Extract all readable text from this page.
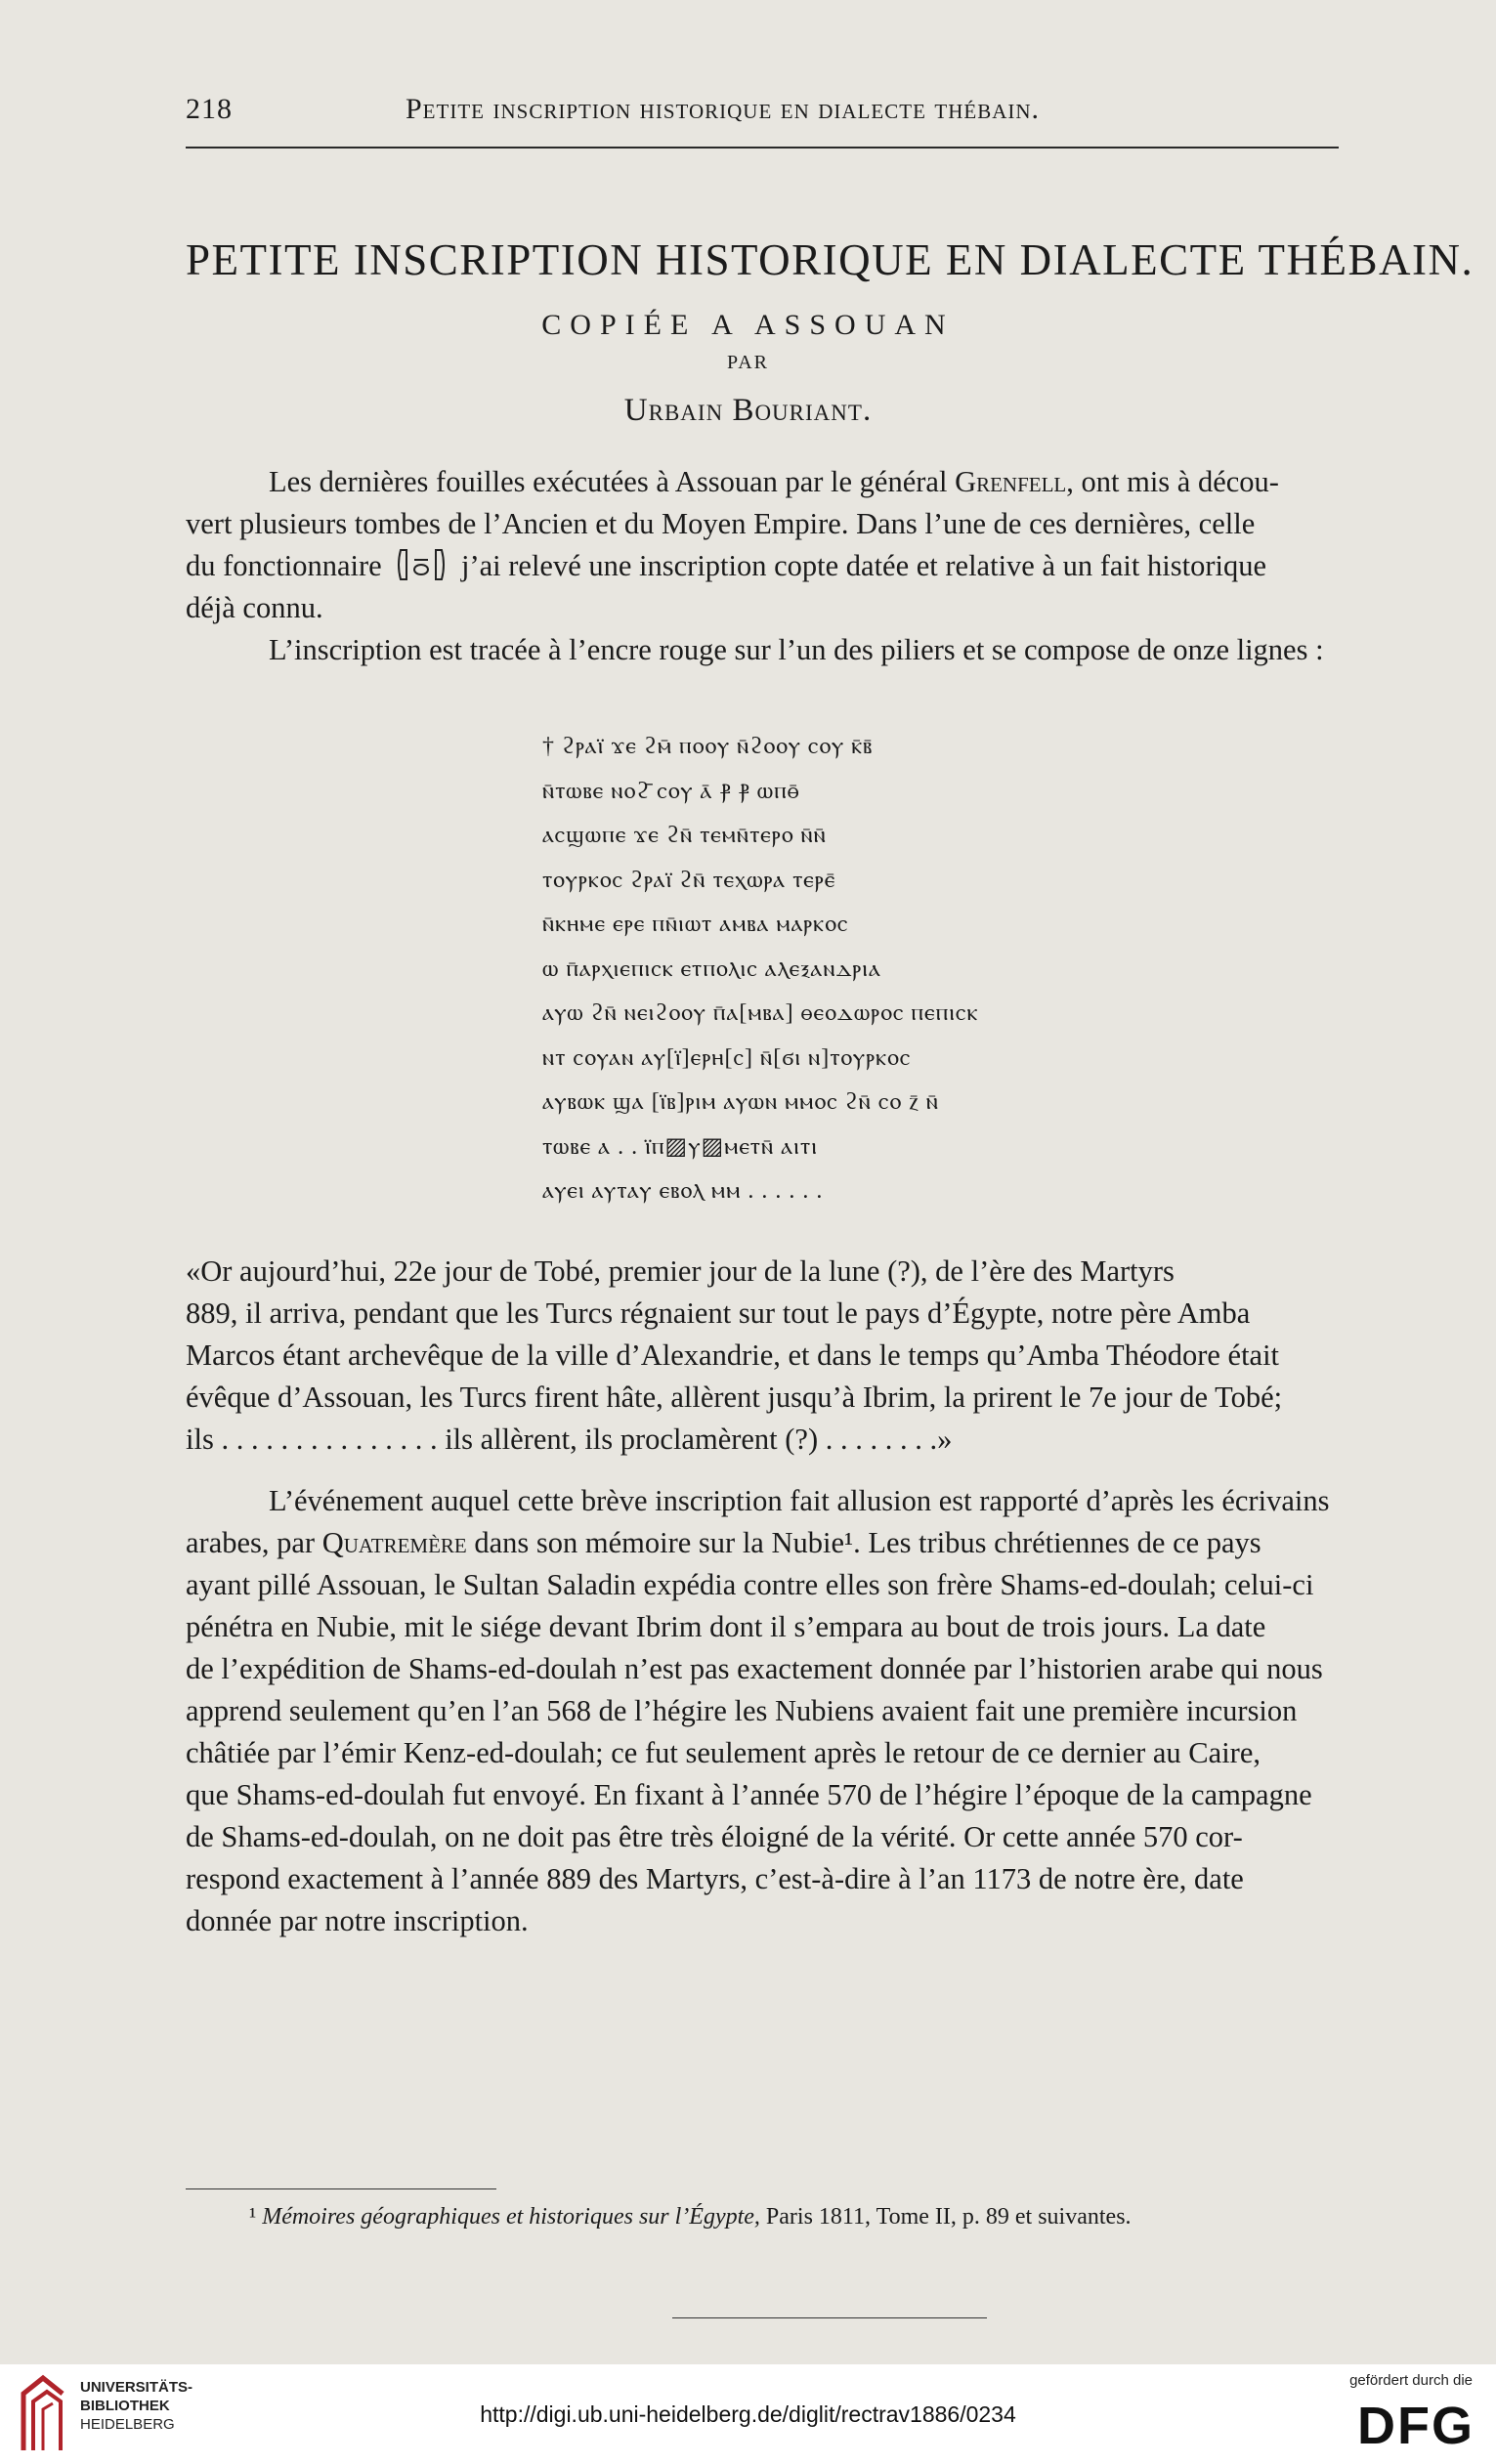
218	Petite inscription historique en dialecte thébain.
PETITE INSCRIPTION HISTORIQUE EN DIALECTE THÉBAIN.
COPIÉE A ASSOUAN
PAR
Urbain Bouriant.
Les dernières fouilles exécutées à Assouan par le général Grenfell, ont mis à décou-
vert plusieurs tombes de l’Ancien et du Moyen Empire. Dans l’une de ces dernières, celle
du fonctionnaire	j’ai relevé une inscription copte datée et relative à un fait historique
déjà connu.
L’inscription est tracée à l’encre rouge sur l’un des piliers et se compose de onze lignes :
† ϩⲣⲁⲓ̈ ϫⲉ ϩⲙ̄ ⲡⲟⲟⲩ ⲛ̄ϩⲟⲟⲩ ⲥⲟⲩ ⲕ̄ⲃ̄
ⲛ̄ⲧⲱⲃⲉ ⲛⲟϩ̄ ⲥⲟⲩ ⲁ̄ ⳁ ⳁ ⲱⲡⲑ̄
ⲁⲥϣⲱⲡⲉ ϫⲉ ϩⲛ̄ ⲧⲉⲙⲛ̄ⲧⲉⲣⲟ ⲛ̄ⲛ̄
ⲧⲟⲩⲣⲕⲟⲥ ϩⲣⲁⲓ̈ ϩⲛ̄ ⲧⲉⲭⲱⲣⲁ ⲧⲉⲣⲉ̄
ⲛ̄ⲕⲏⲙⲉ ⲉⲣⲉ ⲡⲛ̄ⲓⲱⲧ ⲁⲙⲃⲁ ⲙⲁⲣⲕⲟⲥ
ⲱ ⲡ̄ⲁⲣⲭⲓⲉⲡⲓⲥⲕ ⲉⲧⲡⲟⲗⲓⲥ ⲁⲗⲉⲝⲁⲛⲇⲣⲓⲁ
ⲁⲩⲱ ϩⲛ̄ ⲛⲉⲓϩⲟⲟⲩ ⲡ̄ⲁ[ⲙⲃⲁ] ⲑⲉⲟⲇⲱⲣⲟⲥ ⲡⲉⲡⲓⲥⲕ
ⲛⲧ ⲥⲟⲩⲁⲛ ⲁⲩ[ⲓ̈]ⲉⲣⲏ[ⲥ] ⲛ̄[ϭⲓ ⲛ]ⲧⲟⲩⲣⲕⲟⲥ
ⲁⲩⲃⲱⲕ ϣⲁ [ⲓ̈ⲃ]ⲣⲓⲙ ⲁⲩⲱⲛ ⲙⲙⲟⲥ ϩⲛ̄ ⲥⲟ ⲍ̄ ⲛ̄
ⲧⲱⲃⲉ ⲁ . . ⲓ̈ⲡ▨ⲩ▨ⲙⲉⲧⲛ̄ ⲁⲓⲧⲓ
ⲁⲩⲉⲓ ⲁⲩⲧⲁⲩ ⲉⲃⲟⲗ ⲙⲙ . . . . . .
«Or aujourd’hui, 22e jour de Tobé, premier jour de la lune (?), de l’ère des Martyrs
889, il arriva, pendant que les Turcs régnaient sur tout le pays d’Égypte, notre père Amba
Marcos étant archevêque de la ville d’Alexandrie, et dans le temps qu’Amba Théodore était
évêque d’Assouan, les Turcs firent hâte, allèrent jusqu’à Ibrim, la prirent le 7e jour de Tobé;
ils . . . . . . . . . . . . . . . ils allèrent, ils proclamèrent (?) . . . . . . . .»
L’événement auquel cette brève inscription fait allusion est rapporté d’après les écrivains
arabes, par Quatremère dans son mémoire sur la Nubie¹. Les tribus chrétiennes de ce pays
ayant pillé Assouan, le Sultan Saladin expédia contre elles son frère Shams-ed-doulah; celui-ci
pénétra en Nubie, mit le siége devant Ibrim dont il s’empara au bout de trois jours. La date
de l’expédition de Shams-ed-doulah n’est pas exactement donnée par l’historien arabe qui nous
apprend seulement qu’en l’an 568 de l’hégire les Nubiens avaient fait une première incursion
châtiée par l’émir Kenz-ed-doulah; ce fut seulement après le retour de ce dernier au Caire,
que Shams-ed-doulah fut envoyé. En fixant à l’année 570 de l’hégire l’époque de la campagne
de Shams-ed-doulah, on ne doit pas être très éloigné de la vérité. Or cette année 570 cor-
respond exactement à l’année 889 des Martyrs, c’est-à-dire à l’an 1173 de notre ère, date
donnée par notre inscription.
¹ Mémoires géographiques et historiques sur l’Égypte, Paris 1811, Tome II, p. 89 et suivantes.
UNIVERSITÄTS-
BIBLIOTHEK
HEIDELBERG	http://digi.ub.uni-heidelberg.de/diglit/rectrav1886/0234
gefördert durch die
DFG
